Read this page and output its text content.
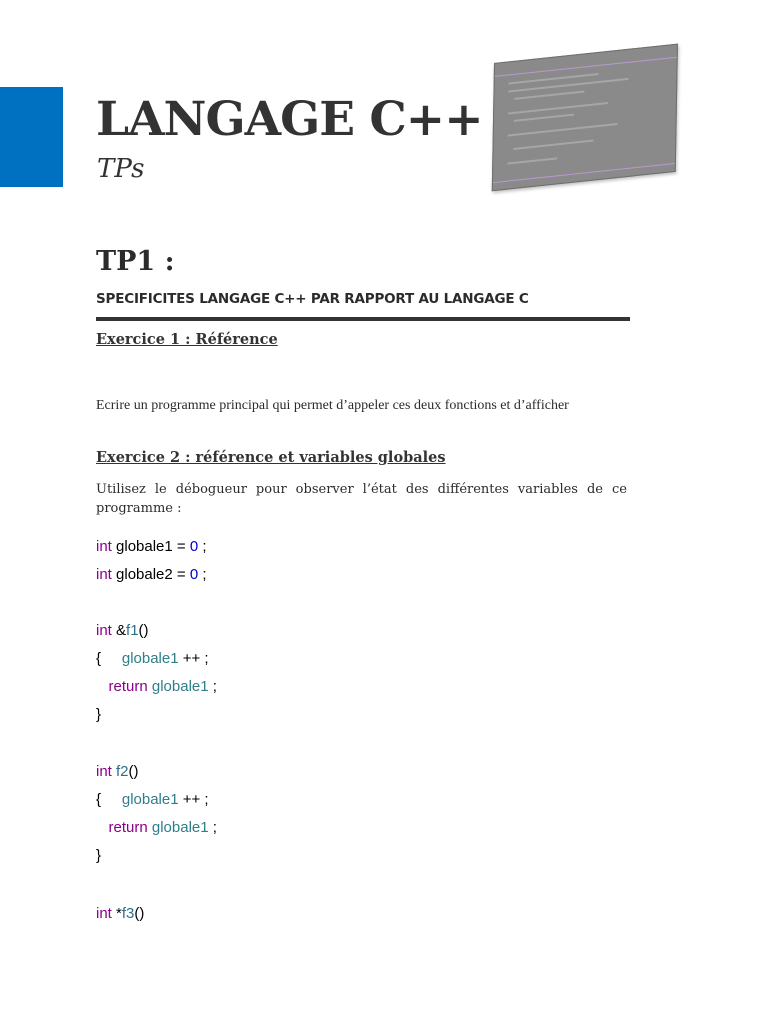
LANGAGE C++

TPs

TP1 :

SPECIFICITES LANGAGE C++ PAR RAPPORT AU LANGAGE C

Exercice 1 : Référence

Ecrire un programme principal qui permet d’appeler ces deux fonctions et d’afficher

Exercice 2 : référence et variables globales

Utilisez le débogueur pour observer l’état des différentes variables de ce programme :

int globale1 = 0 ;
int globale2 = 0 ;
int &f1()
{     globale1 ++ ;
return globale1 ;
}
int f2()
{     globale1 ++ ;
return globale1 ;
}
int *f3()
